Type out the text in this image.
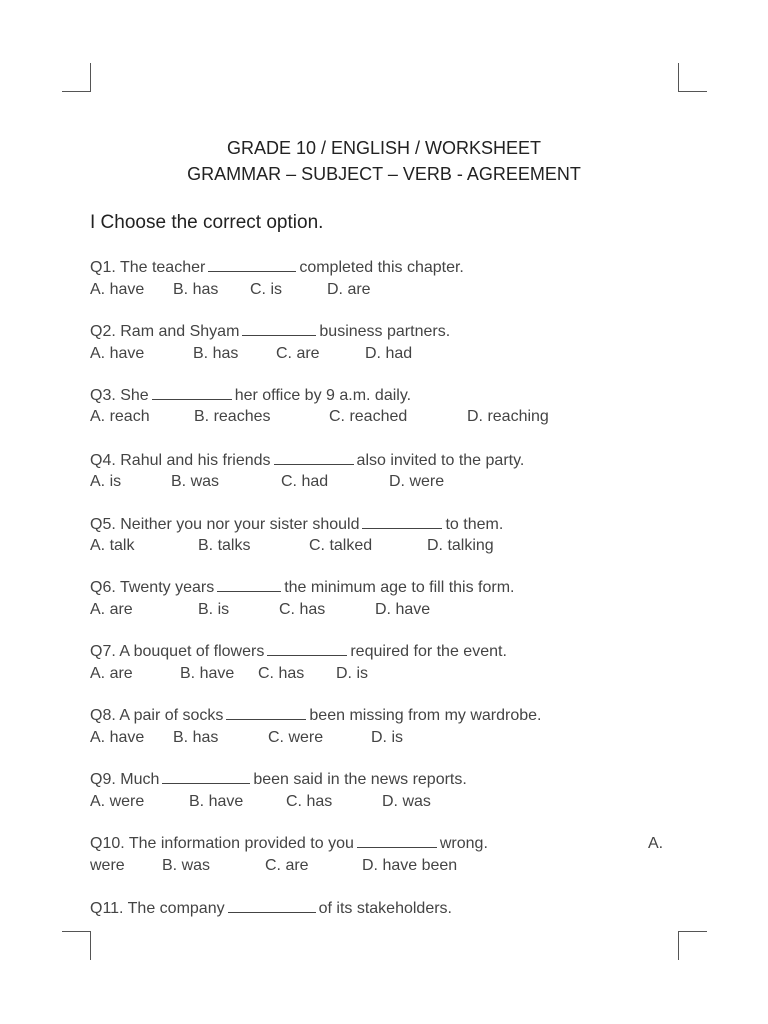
GRADE 10 / ENGLISH / WORKSHEET
GRAMMAR – SUBJECT – VERB - AGREEMENT
I Choose the correct option.
Q1. The teacher	completed this chapter.
A. have B. has C. is	D. are
Q2. Ram and Shyam	business partners.
A. have	B. has C. are	D. had
Q3. She	her office by 9 a.m. daily.
A. reach	B. reaches	C. reached	D. reaching
Q4. Rahul and his friends	also invited to the party.
A. is	B. was	C. had	D. were
Q5. Neither you nor your sister should	to them.
A. talk	B. talks	C. talked	D. talking
Q6. Twenty years	the minimum age to fill this form.
A. are	B. is	C. has	D. have
Q7. A bouquet of flowers	required for the event.
A. are	B. have C. has D. is
Q8. A pair of socks	been missing from my wardrobe.
A. have B. has	C. were	D. is
Q9. Much	been said in the news reports.
A. were	B. have	C. has	D. was
Q10. The information provided to you	wrong.	A.
were B. was	C. are	D. have been
Q11. The company	of its stakeholders.
